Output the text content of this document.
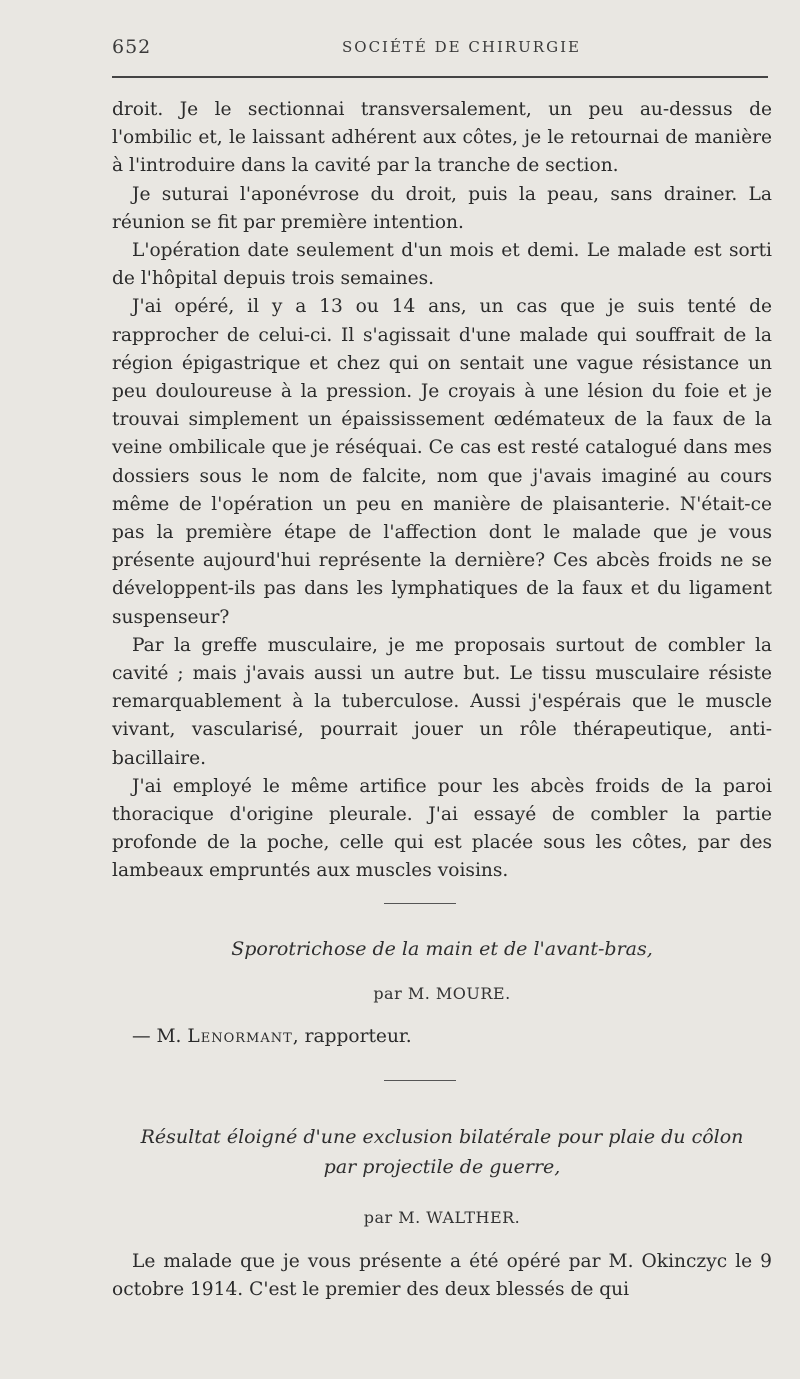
652	SOCIÉTÉ DE CHIRURGIE

droit. Je le sectionnai transversalement, un peu au-dessus de l'ombilic et, le laissant adhérent aux côtes, je le retournai de manière à l'introduire dans la cavité par la tranche de section.

Je suturai l'aponévrose du droit, puis la peau, sans drainer. La réunion se fit par première intention.

L'opération date seulement d'un mois et demi. Le malade est sorti de l'hôpital depuis trois semaines.

J'ai opéré, il y a 13 ou 14 ans, un cas que je suis tenté de rapprocher de celui-ci. Il s'agissait d'une malade qui souffrait de la région épigastrique et chez qui on sentait une vague résistance un peu douloureuse à la pression. Je croyais à une lésion du foie et je trouvai simplement un épaississement œdémateux de la faux de la veine ombilicale que je réséquai. Ce cas est resté catalogué dans mes dossiers sous le nom de falcite, nom que j'avais imaginé au cours même de l'opération un peu en manière de plaisanterie. N'était-ce pas la première étape de l'affection dont le malade que je vous présente aujourd'hui représente la dernière? Ces abcès froids ne se développent-ils pas dans les lymphatiques de la faux et du ligament suspenseur?

Par la greffe musculaire, je me proposais surtout de combler la cavité ; mais j'avais aussi un autre but. Le tissu musculaire résiste remarquablement à la tuberculose. Aussi j'espérais que le muscle vivant, vascularisé, pourrait jouer un rôle thérapeutique, anti-bacillaire.

J'ai employé le même artifice pour les abcès froids de la paroi thoracique d'origine pleurale. J'ai essayé de combler la partie profonde de la poche, celle qui est placée sous les côtes, par des lambeaux empruntés aux muscles voisins.

Sporotrichose de la main et de l'avant-bras,
par M. MOURE.
— M. Lenormant, rapporteur.
Résultat éloigné d'une exclusion bilatérale pour plaie du côlon
par projectile de guerre,
par M. WALTHER.

Le malade que je vous présente a été opéré par M. Okinczyc le 9 octobre 1914. C'est le premier des deux blessés de qui
